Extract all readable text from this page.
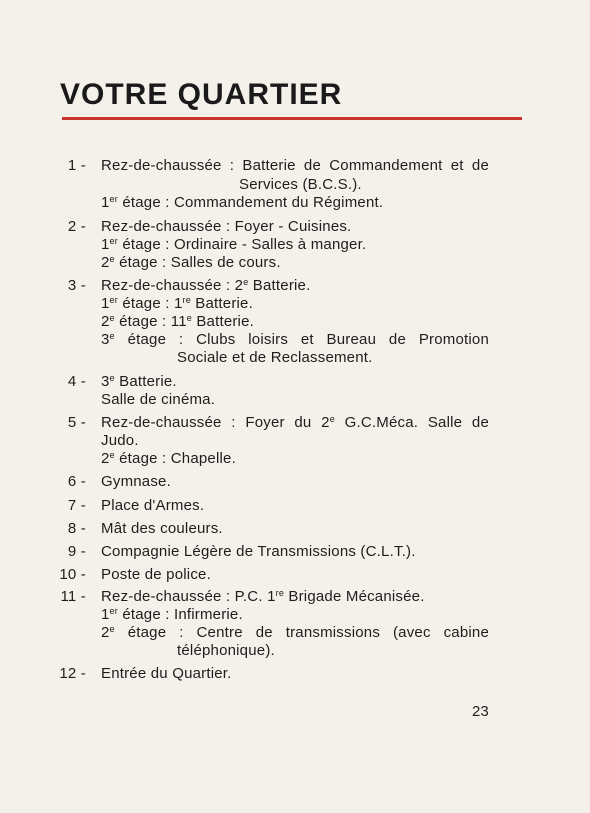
VOTRE QUARTIER
1 - Rez-de-chaussée : Batterie de Commandement et de
Services (B.C.S.).
1er étage : Commandement du Régiment.
2 - Rez-de-chaussée : Foyer - Cuisines.
1er étage : Ordinaire - Salles à manger.
2e étage : Salles de cours.
3 - Rez-de-chaussée : 2e Batterie.
1er étage : 1re Batterie.
2e étage : 11e Batterie.
3e étage : Clubs loisirs et Bureau de Promotion
Sociale et de Reclassement.
4 - 3e Batterie.
Salle de cinéma.
5 - Rez-de-chaussée : Foyer du 2e G.C.Méca. Salle de
Judo.
2e étage : Chapelle.
6 - Gymnase.
7 - Place d'Armes.
8 - Mât des couleurs.
9 - Compagnie Légère de Transmissions (C.L.T.).
10 - Poste de police.
11 - Rez-de-chaussée : P.C. 1re Brigade Mécanisée.
1er étage : Infirmerie.
2e étage : Centre de transmissions (avec cabine
téléphonique).
12 - Entrée du Quartier.
23
